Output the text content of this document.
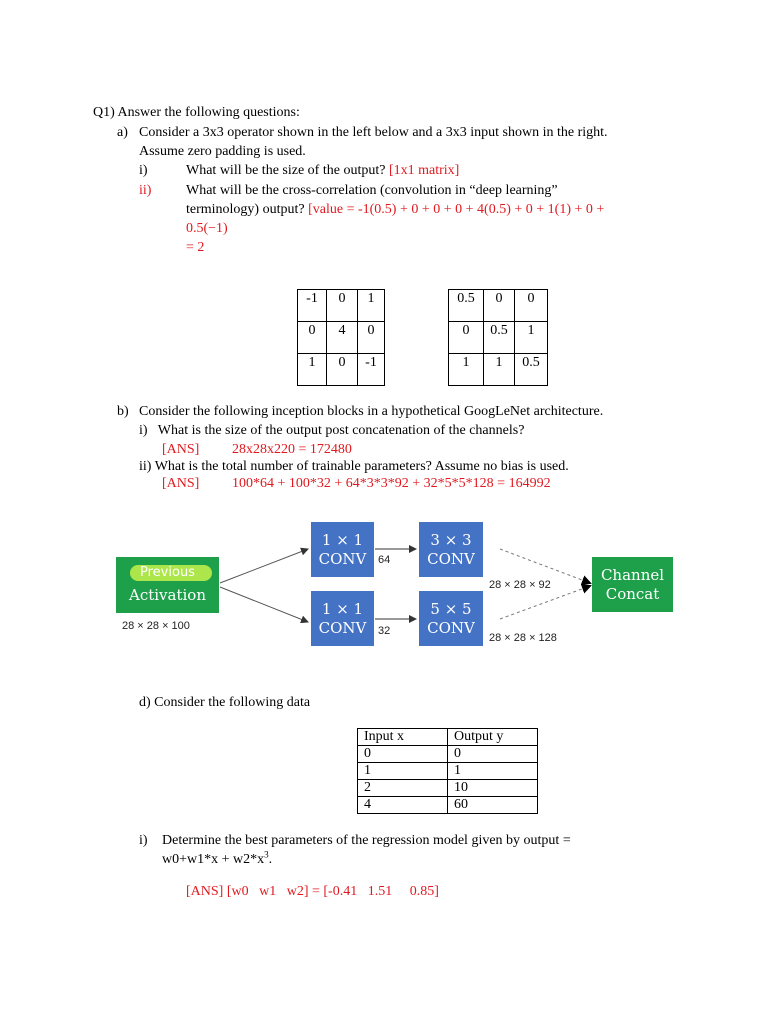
Q1) Answer the following questions:
a) Consider a 3x3 operator shown in the left below and a 3x3 input shown in the right.
Assume zero padding is used.
i)	What will be the size of the output? [1x1 matrix]
ii) What will be the cross-correlation (convolution in “deep learning”
terminology) output? [value = -1(0.5) + 0 + 0 + 0 + 4(0.5) + 0 + 1(1) + 0 +
0.5(−1)
= 2
-1	0	1
0	4	0
1	0	-1
0.5	0	0
0	0.5	1
1	1	0.5
b) Consider the following inception blocks in a hypothetical GoogLeNet architecture.
i)   What is the size of the output post concatenation of the channels?
[ANS] 28x28x220 = 172480
ii) What is the total number of trainable parameters? Assume no bias is used.
[ANS] 100*64 + 100*32 + 64*3*3*92 + 32*5*5*128 = 164992
Previous
Activation
28 × 28 × 100
1 × 1
CONV	64
1 × 1
CONV	32
3 × 3
CONV
5 × 5
CONV
28 × 28 × 92
28 × 28 × 128
Channel
Concat
d) Consider the following data
Input x	Output y
0	0
1	1
2	10
4	60
i) Determine the best parameters of the regression model given by output =
$w0+w1*x + w2*x^3$.
[ANS] [w0   w1   w2] = [-0.41   1.51     0.85]
